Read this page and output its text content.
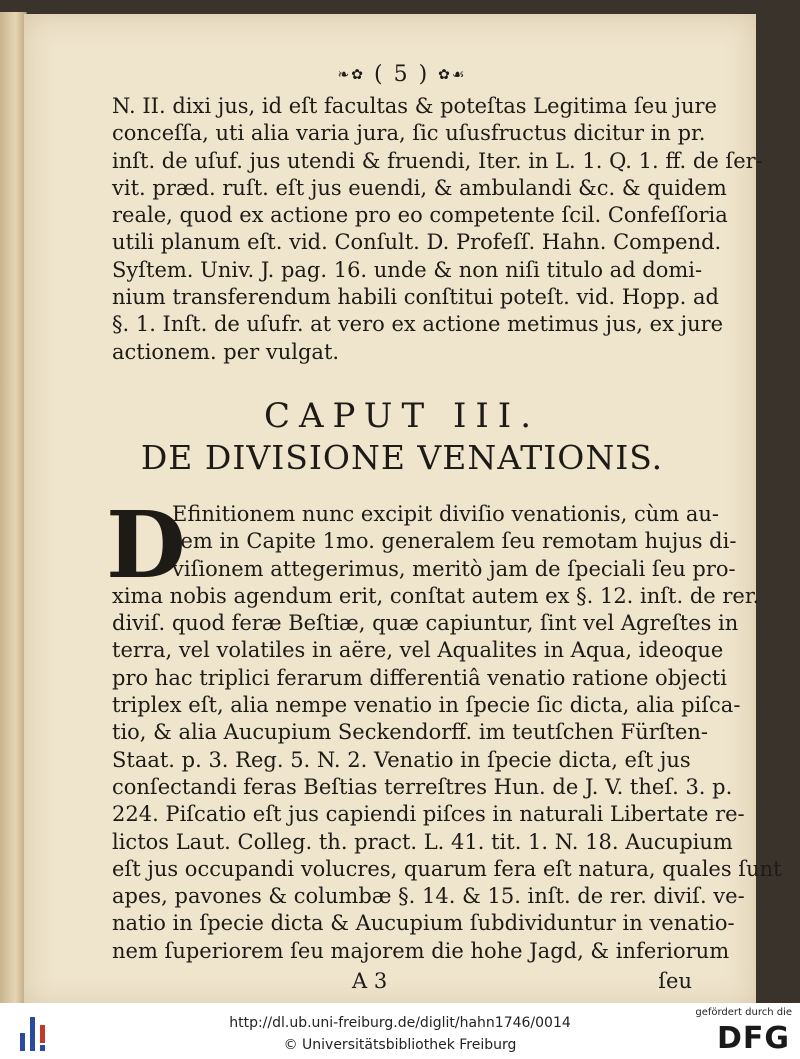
❧✿ ( 5 ) ✿☙

N. II. dixi jus, id eſt facultas & poteſtas Legitima ſeu jure
conceſſa, uti alia varia jura, ſic uſusfructus dicitur in pr.
inſt. de uſuf. jus utendi & fruendi, Iter. in L. 1. Q. 1. ff. de ſer-
vit. præd. ruſt. eſt jus euendi, & ambulandi &c. & quidem
reale, quod ex actione pro eo competente ſcil. Confeſſoria
utili planum eſt. vid. Conſult. D. Profeſſ. Hahn. Compend.
Syſtem. Univ. J. pag. 16. unde & non niſi titulo ad domi-
nium transferendum habili conſtitui poteſt. vid. Hopp. ad
§. 1. Inſt. de uſufr. at vero ex actione metimus jus, ex jure
actionem. per vulgat.

CAPUT III.
DE DIVISIONE VENATIONIS.
D

Efinitionem nunc excipit diviſio venationis, cùm au-
tem in Capite 1mo. generalem ſeu remotam hujus di-
viſionem attegerimus, meritò jam de ſpeciali ſeu pro-

xima nobis agendum erit, conſtat autem ex §. 12. inſt. de rer.
diviſ. quod feræ Beſtiæ, quæ capiuntur, ſint vel Agreſtes in
terra, vel volatiles in aëre, vel Aqualites in Aqua, ideoque
pro hac triplici ferarum differentiâ venatio ratione objecti
triplex eſt, alia nempe venatio in ſpecie ſic dicta, alia piſca-
tio, & alia Aucupium Seckendorff. im teutſchen Fürſten-
Staat. p. 3. Reg. 5. N. 2. Venatio in ſpecie dicta, eſt jus
conſectandi feras Beſtias terreſtres Hun. de J. V. theſ. 3. p.
224. Piſcatio eſt jus capiendi piſces in naturali Libertate re-
lictos Laut. Colleg. th. pract. L. 41. tit. 1. N. 18. Aucupium
eſt jus occupandi volucres, quarum fera eſt natura, quales ſunt
apes, pavones & columbæ §. 14. & 15. inſt. de rer. diviſ. ve-
natio in ſpecie dicta & Aucupium ſubdividuntur in venatio-
nem ſuperiorem ſeu majorem die hohe Jagd, & inferiorum

A 3	ſeu
http://dl.ub.uni-freiburg.de/diglit/hahn1746/0014
© Universitätsbibliothek Freiburg
gefördert durch die
DFG
